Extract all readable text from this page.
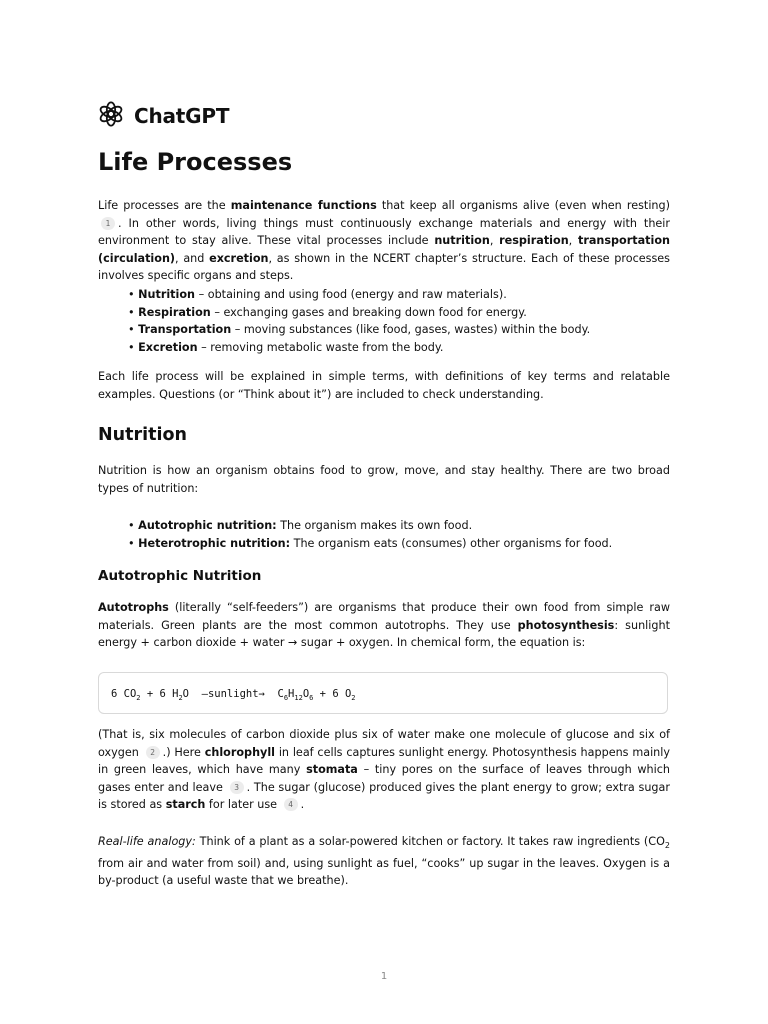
ChatGPT
Life Processes

Life processes are the maintenance functions that keep all organisms alive (even when resting) 1 . In other words, living things must continuously exchange materials and energy with their environment to stay alive. These vital processes include nutrition, respiration, transportation (circulation), and excretion, as shown in the NCERT chapter’s structure. Each of these processes involves specific organs and steps.

• Nutrition – obtaining and using food (energy and raw materials).
• Respiration – exchanging gases and breaking down food for energy.
• Transportation – moving substances (like food, gases, wastes) within the body.
• Excretion – removing metabolic waste from the body.

Each life process will be explained in simple terms, with definitions of key terms and relatable examples. Questions (or “Think about it”) are included to check understanding.

Nutrition

Nutrition is how an organism obtains food to grow, move, and stay healthy. There are two broad types of nutrition:

• Autotrophic nutrition: The organism makes its own food.
• Heterotrophic nutrition: The organism eats (consumes) other organisms for food.
Autotrophic Nutrition

Autotrophs (literally “self-feeders”) are organisms that produce their own food from simple raw materials. Green plants are the most common autotrophs. They use photosynthesis: sunlight energy + carbon dioxide + water → sugar + oxygen. In chemical form, the equation is:

6 $CO_2 + 6$ $H_2O$  —sunlight→  $C_6H_{12}O_6 + 6$ $O_2$

(That is, six molecules of carbon dioxide plus six of water make one molecule of glucose and six of oxygen 2 .) Here chlorophyll in leaf cells captures sunlight energy. Photosynthesis happens mainly in green leaves, which have many stomata – tiny pores on the surface of leaves through which gases enter and leave 3 . The sugar (glucose) produced gives the plant energy to grow; extra sugar is stored as starch for later use 4 .

Real-life analogy: Think of a plant as a solar-powered kitchen or factory. It takes raw ingredients ($CO_2$ from air and water from soil) and, using sunlight as fuel, “cooks” up sugar in the leaves. Oxygen is a by-product (a useful waste that we breathe).

1
